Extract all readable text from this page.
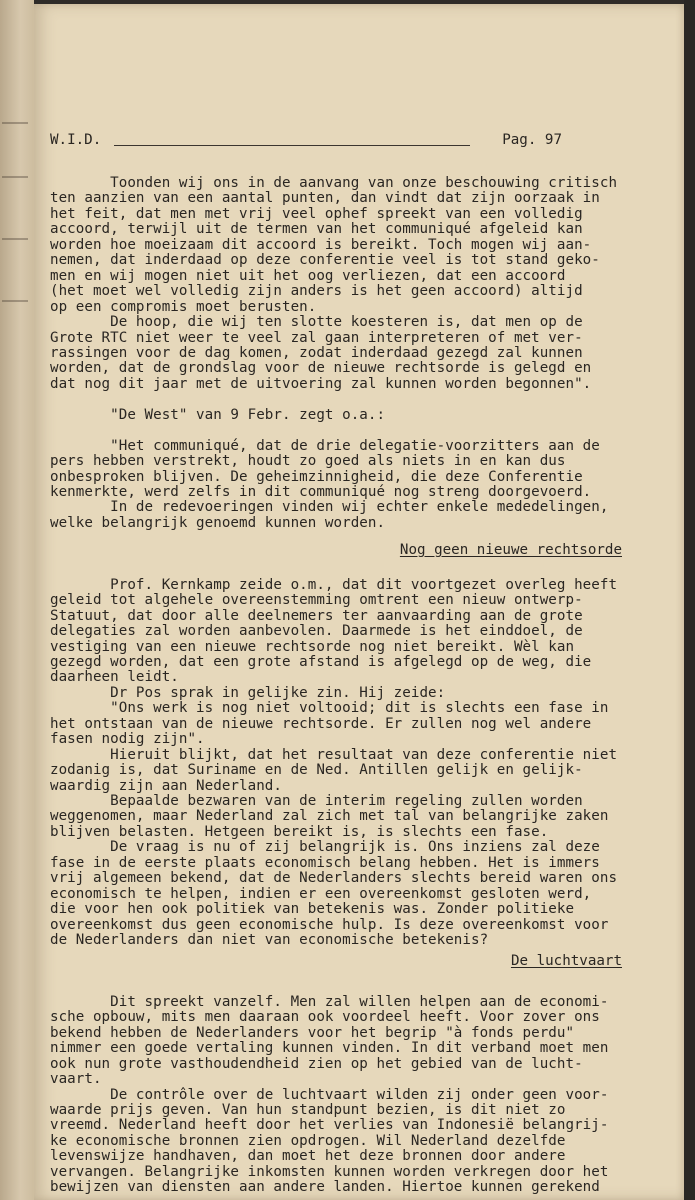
W.I.D.	Pag. 97
Toonden wij ons in de aanvang van onze beschouwing critisch
ten aanzien van een aantal punten, dan vindt dat zijn oorzaak in
het feit, dat men met vrij veel ophef spreekt van een volledig
accoord, terwijl uit de termen van het communiqué afgeleid kan
worden hoe moeizaam dit accoord is bereikt. Toch mogen wij aan-
nemen, dat inderdaad op deze conferentie veel is tot stand geko-
men en wij mogen niet uit het oog verliezen, dat een accoord
(het moet wel volledig zijn anders is het geen accoord) altijd
op een compromis moet berusten.
De hoop, die wij ten slotte koesteren is, dat men op de
Grote RTC niet weer te veel zal gaan interpreteren of met ver-
rassingen voor de dag komen, zodat inderdaad gezegd zal kunnen
worden, dat de grondslag voor de nieuwe rechtsorde is gelegd en
dat nog dit jaar met de uitvoering zal kunnen worden begonnen".
"De West" van 9 Febr. zegt o.a.:
"Het communiqué, dat de drie delegatie-voorzitters aan de
pers hebben verstrekt, houdt zo goed als niets in en kan dus
onbesproken blijven. De geheimzinnigheid, die deze Conferentie
kenmerkte, werd zelfs in dit communiqué nog streng doorgevoerd.
In de redevoeringen vinden wij echter enkele mededelingen,
welke belangrijk genoemd kunnen worden.
Prof. Kernkamp zeide o.m., dat dit voortgezet overleg heeft
geleid tot algehele overeenstemming omtrent een nieuw ontwerp-
Statuut, dat door alle deelnemers ter aanvaarding aan de grote
delegaties zal worden aanbevolen. Daarmede is het einddoel, de
vestiging van een nieuwe rechtsorde nog niet bereikt. Wèl kan
gezegd worden, dat een grote afstand is afgelegd op de weg, die
daarheen leidt.
Dr Pos sprak in gelijke zin. Hij zeide:
"Ons werk is nog niet voltooid; dit is slechts een fase in
het ontstaan van de nieuwe rechtsorde. Er zullen nog wel andere
fasen nodig zijn".
Hieruit blijkt, dat het resultaat van deze conferentie niet
zodanig is, dat Suriname en de Ned. Antillen gelijk en gelijk-
waardig zijn aan Nederland.
Bepaalde bezwaren van de interim regeling zullen worden
weggenomen, maar Nederland zal zich met tal van belangrijke zaken
blijven belasten. Hetgeen bereikt is, is slechts een fase.
De vraag is nu of zij belangrijk is. Ons inziens zal deze
fase in de eerste plaats economisch belang hebben. Het is immers
vrij algemeen bekend, dat de Nederlanders slechts bereid waren ons
economisch te helpen, indien er een overeenkomst gesloten werd,
die voor hen ook politiek van betekenis was. Zonder politieke
overeenkomst dus geen economische hulp. Is deze overeenkomst voor
de Nederlanders dan niet van economische betekenis?
Dit spreekt vanzelf. Men zal willen helpen aan de economi-
sche opbouw, mits men daaraan ook voordeel heeft. Voor zover ons
bekend hebben de Nederlanders voor het begrip "à fonds perdu"
nimmer een goede vertaling kunnen vinden. In dit verband moet men
ook nun grote vasthoudendheid zien op het gebied van de lucht-
vaart.
De contrôle over de luchtvaart wilden zij onder geen voor-
waarde prijs geven. Van hun standpunt bezien, is dit niet zo
vreemd. Nederland heeft door het verlies van Indonesië belangrij-
ke economische bronnen zien opdrogen. Wil Nederland dezelfde
levenswijze handhaven, dan moet het deze bronnen door andere
vervangen. Belangrijke inkomsten kunnen worden verkregen door het
bewijzen van diensten aan andere landen. Hiertoe kunnen gerekend
Nog geen nieuwe rechtsorde
De luchtvaart
